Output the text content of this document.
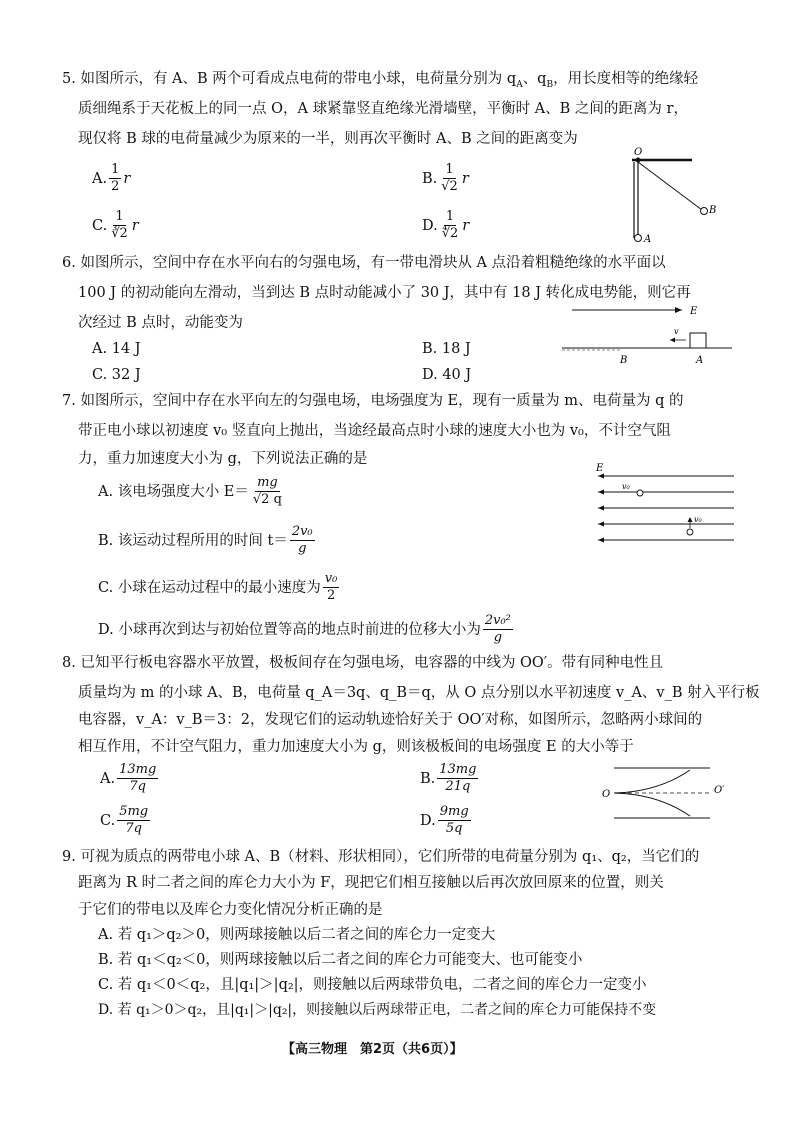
5. 如图所示，有 A、B 两个可看成点电荷的带电小球，电荷量分别为 $q_A$、$q_B$，用长度相等的绝缘轻
质细绳系于天花板上的同一点 O，A 球紧靠竖直绝缘光滑墙壁，平衡时 A、B 之间的距离为 r，
现仅将 B 球的电荷量减少为原来的一半，则再次平衡时 A、B 之间的距离变为
A. $\frac{1}{2}$ r	B. $\frac{1}{√2}$ r
C. $\frac{1}{∛2}$ r	D. $\frac{1}{∜2}$ r
O
B
A
6. 如图所示，空间中存在水平向右的匀强电场，有一带电滑块从 A 点沿着粗糙绝缘的水平面以
100 J 的初动能向左滑动，当到达 B 点时动能减小了 30 J，其中有 18 J 转化成电势能，则它再
次经过 B 点时，动能变为
A. 14 J	B. 18 J
C. 32 J	D. 40 J
E
v
B	A
7. 如图所示，空间中存在水平向左的匀强电场，电场强度为 E，现有一质量为 m、电荷量为 q 的
带正电小球以初速度 v₀ 竖直向上抛出，当途经最高点时小球的速度大小也为 v₀，不计空气阻
力，重力加速度大小为 g，下列说法正确的是
A. 该电场强度大小 $E= \frac{mg}{√2 q}$
B. 该运动过程所用的时间 $t= \frac{\text{2v₀}}{g}$
C. 小球在运动过程中的最小速度为 $\frac{\text{v₀}}{2}$
D. 小球再次到达与初始位置等高的地点时前进的位移大小为 $\frac{\text{2v₀²}}{g}$
E
v₀
v₀
8. 已知平行板电容器水平放置，极板间存在匀强电场，电容器的中线为 OO′。带有同种电性且
质量均为 m 的小球 A、B，电荷量 q_A＝3q、q_B＝q，从 O 点分别以水平初速度 v_A、v_B 射入平行板
电容器，v_A：v_B＝3：2，发现它们的运动轨迹恰好关于 OO′对称，如图所示，忽略两小球间的
相互作用，不计空气阻力，重力加速度大小为 g，则该极板间的电场强度 E 的大小等于
A. $\frac{13mg}{7q}$	B. $\frac{13mg}{21q}$
C. $\frac{5mg}{7q}$	D. $\frac{9mg}{5q}$
O	O′
9. 可视为质点的两带电小球 A、B（材料、形状相同），它们所带的电荷量分别为 q₁、q₂，当它们的
距离为 R 时二者之间的库仑力大小为 F，现把它们相互接触以后再次放回原来的位置，则关
于它们的带电以及库仑力变化情况分析正确的是
A. 若 q₁＞q₂＞0，则两球接触以后二者之间的库仑力一定变大
B. 若 q₁＜q₂＜0，则两球接触以后二者之间的库仑力可能变大、也可能变小
C. 若 q₁＜0＜q₂，且|q₁|＞|q₂|，则接触以后两球带负电，二者之间的库仑力一定变小
D. 若 q₁＞0＞q₂，且|q₁|＞|q₂|，则接触以后两球带正电，二者之间的库仑力可能保持不变
【高三物理　第2页（共6页）】
